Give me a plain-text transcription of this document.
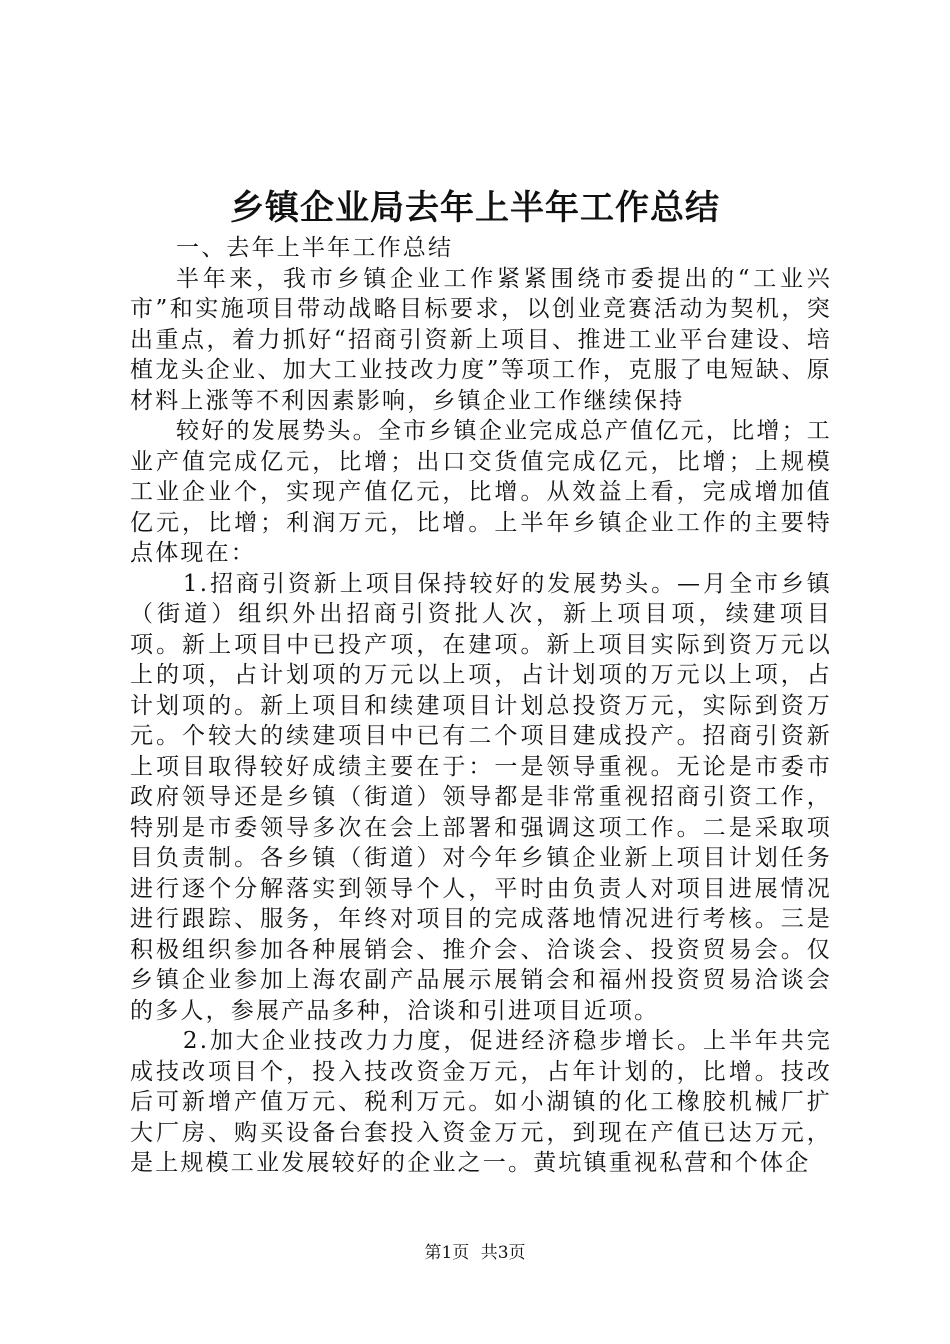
乡镇企业局去年上半年工作总结

一、去年上半年工作总结

半年来，我市乡镇企业工作紧紧围绕市委提出的“工业兴市”和实施项目带动战略目标要求，以创业竞赛活动为契机，突出重点，着力抓好“招商引资新上项目、推进工业平台建设、培植龙头企业、加大工业技改力度”等项工作，克服了电短缺、原材料上涨等不利因素影响，乡镇企业工作继续保持

较好的发展势头。全市乡镇企业完成总产值亿元，比增；工业产值完成亿元，比增；出口交货值完成亿元，比增；上规模工业企业个，实现产值亿元，比增。从效益上看，完成增加值亿元，比增；利润万元，比增。上半年乡镇企业工作的主要特点体现在：

1.招商引资新上项目保持较好的发展势头。—月全市乡镇（街道）组织外出招商引资批人次，新上项目项，续建项目项。新上项目中已投产项，在建项。新上项目实际到资万元以上的项，占计划项的万元以上项，占计划项的万元以上项，占计划项的。新上项目和续建项目计划总投资万元，实际到资万元。个较大的续建项目中已有二个项目建成投产。招商引资新上项目取得较好成绩主要在于：一是领导重视。无论是市委市政府领导还是乡镇（街道）领导都是非常重视招商引资工作，特别是市委领导多次在会上部署和强调这项工作。二是采取项目负责制。各乡镇（街道）对今年乡镇企业新上项目计划任务进行逐个分解落实到领导个人，平时由负责人对项目进展情况进行跟踪、服务，年终对项目的完成落地情况进行考核。三是积极组织参加各种展销会、推介会、洽谈会、投资贸易会。仅乡镇企业参加上海农副产品展示展销会和福州投资贸易洽谈会的多人，参展产品多种，洽谈和引进项目近项。

2.加大企业技改力力度，促进经济稳步增长。上半年共完成技改项目个，投入技改资金万元，占年计划的，比增。技改后可新增产值万元、税利万元。如小湖镇的化工橡胶机械厂扩大厂房、购买设备台套投入资金万元，到现在产值已达万元，是上规模工业发展较好的企业之一。黄坑镇重视私营和个体企

第1页 共3页
